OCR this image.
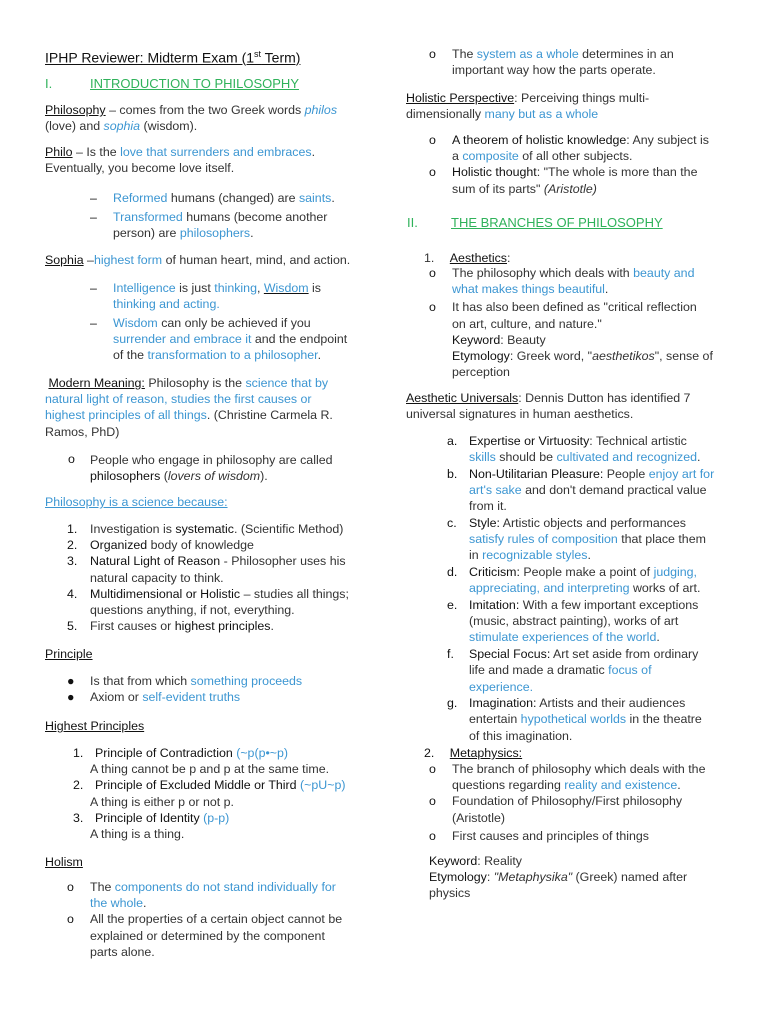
IPHP Reviewer: Midterm Exam (1st Term)
I.	INTRODUCTION TO PHILOSOPHY

Philosophy – comes from the two Greek words philos

(love) and sophia (wisdom).

Philo – Is the love that surrenders and embraces.

Eventually, you become love itself.

– Reformed humans (changed) are saints.

– Transformed humans (become another

person) are philosophers.

Sophia –highest form of human heart, mind, and action.

– Intelligence is just thinking, Wisdom is

thinking and acting.

– Wisdom can only be achieved if you

surrender and embrace it and the endpoint

of the transformation to a philosopher.

Modern Meaning: Philosophy is the science that by

natural light of reason, studies the first causes or

highest principles of all things. (Christine Carmela R.

Ramos, PhD)

o People who engage in philosophy are called

philosophers (lovers of wisdom).

Philosophy is a science because:
1. Investigation is systematic. (Scientific Method)
2. Organized body of knowledge
3. Natural Light of Reason - Philosopher uses his
natural capacity to think.
4. Multidimensional or Holistic – studies all things;
questions anything, if not, everything.
5. First causes or highest principles.
Principle
● Is that from which something proceeds
● Axiom or self-evident truths
Highest Principles
1. Principle of Contradiction (~p(p•~p)
A thing cannot be p and p at the same time.
2. Principle of Excluded Middle or Third (~pU~p)
A thing is either p or not p.
3. Principle of Identity (p-p)
A thing is a thing.
Holism
o The components do not stand individually for
the whole.
o All the properties of a certain object cannot be
explained or determined by the component
parts alone.
o The system as a whole determines in an
important way how the parts operate.

Holistic Perspective: Perceiving things multi-

dimensionally many but as a whole

o A theorem of holistic knowledge: Any subject is
a composite of all other subjects.
o Holistic thought: "The whole is more than the
sum of its parts" (Aristotle)
II.	THE BRANCHES OF PHILOSOPHY
1. Aesthetics:
o The philosophy which deals with beauty and
what makes things beautiful.
o It has also been defined as "critical reflection
on art, culture, and nature."
Keyword: Beauty
Etymology: Greek word, "aesthetikos", sense of
perception

Aesthetic Universals: Dennis Dutton has identified 7

universal signatures in human aesthetics.

a. Expertise or Virtuosity: Technical artistic
skills should be cultivated and recognized.
b. Non-Utilitarian Pleasure: People enjoy art for
art's sake and don't demand practical value
from it.
c. Style: Artistic objects and performances
satisfy rules of composition that place them
in recognizable styles.
d. Criticism: People make a point of judging,
appreciating, and interpreting works of art.
e. Imitation: With a few important exceptions
(music, abstract painting), works of art
stimulate experiences of the world.
f. Special Focus: Art set aside from ordinary
life and made a dramatic focus of
experience.
g. Imagination: Artists and their audiences
entertain hypothetical worlds in the theatre
of this imagination.
2. Metaphysics:
o The branch of philosophy which deals with the
questions regarding reality and existence.
o Foundation of Philosophy/First philosophy
(Aristotle)
o First causes and principles of things

Keyword: Reality

Etymology: "Metaphysika" (Greek) named after

physics
